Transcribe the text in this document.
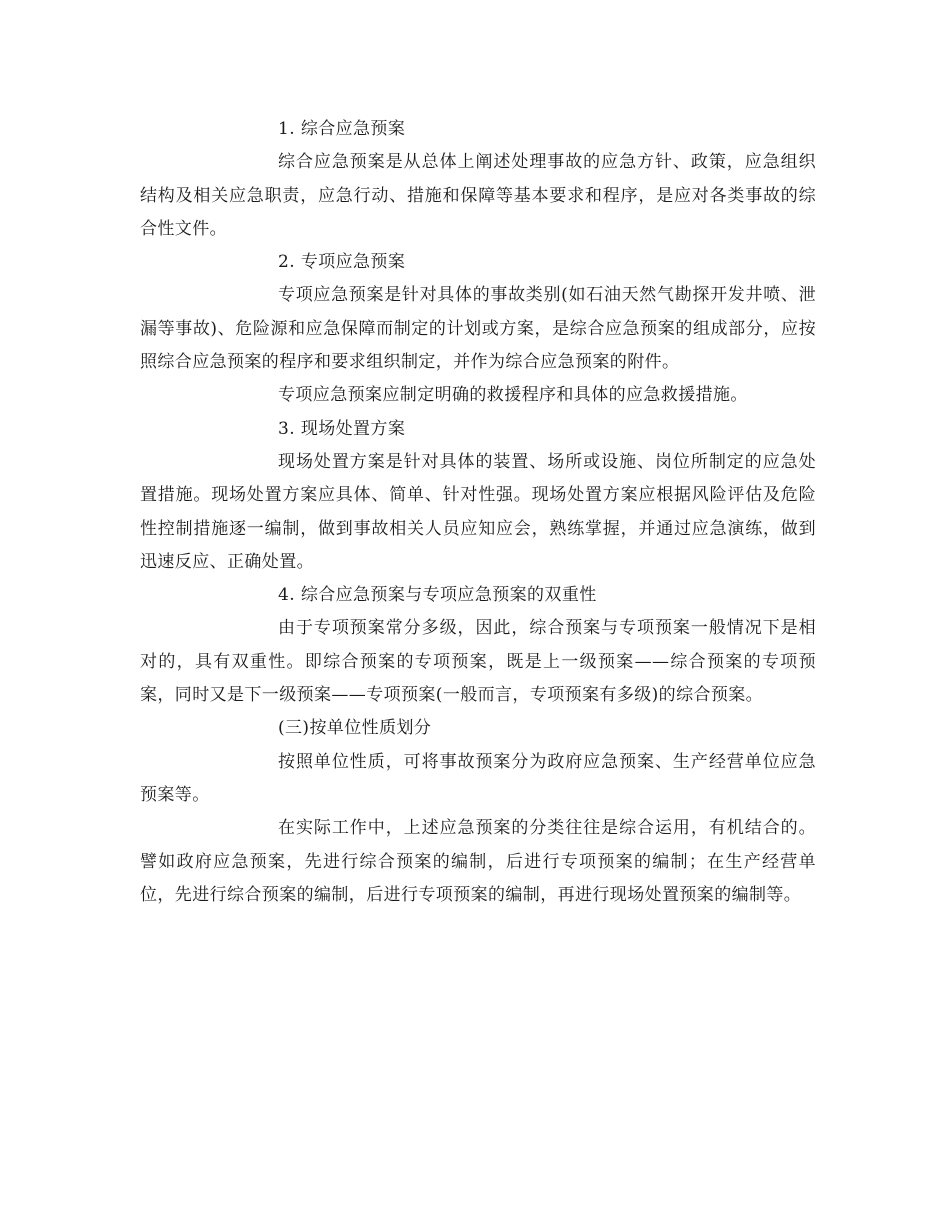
1. 综合应急预案

综合应急预案是从总体上阐述处理事故的应急方针、政策，应急组织结构及相关应急职责，应急行动、措施和保障等基本要求和程序，是应对各类事故的综合性文件。

2. 专项应急预案

专项应急预案是针对具体的事故类别(如石油天然气勘探开发井喷、泄漏等事故)、危险源和应急保障而制定的计划或方案，是综合应急预案的组成部分，应按照综合应急预案的程序和要求组织制定，并作为综合应急预案的附件。

专项应急预案应制定明确的救援程序和具体的应急救援措施。

3. 现场处置方案

现场处置方案是针对具体的装置、场所或设施、岗位所制定的应急处置措施。现场处置方案应具体、简单、针对性强。现场处置方案应根据风险评估及危险性控制措施逐一编制，做到事故相关人员应知应会，熟练掌握，并通过应急演练，做到迅速反应、正确处置。

4. 综合应急预案与专项应急预案的双重性

由于专项预案常分多级，因此，综合预案与专项预案一般情况下是相对的，具有双重性。即综合预案的专项预案，既是上一级预案——综合预案的专项预案，同时又是下一级预案——专项预案(一般而言，专项预案有多级)的综合预案。

(三)按单位性质划分

按照单位性质，可将事故预案分为政府应急预案、生产经营单位应急预案等。

在实际工作中，上述应急预案的分类往往是综合运用，有机结合的。譬如政府应急预案，先进行综合预案的编制，后进行专项预案的编制；在生产经营单位，先进行综合预案的编制，后进行专项预案的编制，再进行现场处置预案的编制等。
